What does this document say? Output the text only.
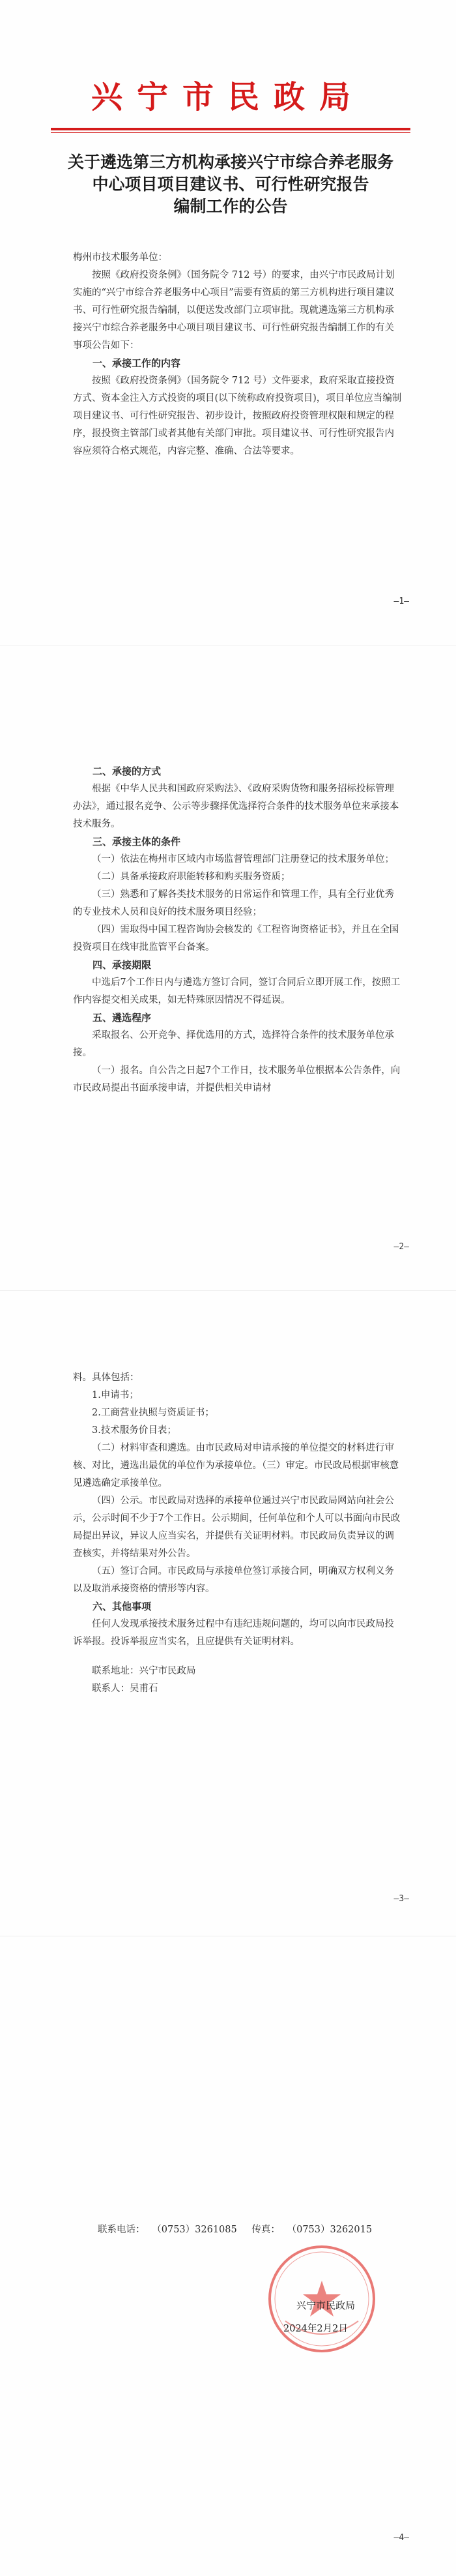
兴宁市民政局
关于遴选第三方机构承接兴宁市综合养老服务
中心项目项目建议书、可行性研究报告
编制工作的公告

梅州市技术服务单位：

按照《政府投资条例》（国务院令 712 号）的要求，由兴宁市民政局计划实施的“兴宁市综合养老服务中心项目”需要有资质的第三方机构进行项目建议书、可行性研究报告编制，以便送发改部门立项审批。现就遴选第三方机构承接兴宁市综合养老服务中心项目项目建议书、可行性研究报告编制工作的有关事项公告如下：

一、承接工作的内容

按照《政府投资条例》（国务院令 712 号）文件要求，政府采取直接投资方式、资本金注入方式投资的项目(以下统称政府投资项目)，项目单位应当编制项目建议书、可行性研究报告、初步设计，按照政府投资管理权限和规定的程序，报投资主管部门或者其他有关部门审批。项目建议书、可行性研究报告内容应须符合格式规范，内容完整、准确、合法等要求。

—1—

二、承接的方式

根据《中华人民共和国政府采购法》、《政府采购货物和服务招标投标管理办法》，通过报名竞争、公示等步骤择优选择符合条件的技术服务单位来承接本技术服务。

三、承接主体的条件

（一）依法在梅州市区域内市场监督管理部门注册登记的技术服务单位；

（二）具备承接政府职能转移和购买服务资质；

（三）熟悉和了解各类技术服务的日常运作和管理工作，具有全行业优秀的专业技术人员和良好的技术服务项目经验；

（四）需取得中国工程咨询协会核发的《工程咨询资格证书》，并且在全国投资项目在线审批监管平台备案。

四、承接期限

中选后7个工作日内与遴选方签订合同，签订合同后立即开展工作，按照工作内容提交相关成果，如无特殊原因情况不得延误。

五、遴选程序

采取报名、公开竞争、择优选用的方式，选择符合条件的技术服务单位承接。

（一）报名。自公告之日起7个工作日，技术服务单位根据本公告条件，向市民政局提出书面承接申请，并提供相关申请材

—2—

料。具体包括：

1.申请书；

2.工商营业执照与资质证书；

3.技术服务价目表；

（二）材料审查和遴选。由市民政局对申请承接的单位提交的材料进行审核、对比，遴选出最优的单位作为承接单位。（三）审定。市民政局根据审核意见遴选确定承接单位。

（四）公示。市民政局对选择的承接单位通过兴宁市民政局网站向社会公示，公示时间不少于7个工作日。公示期间，任何单位和个人可以书面向市民政局提出异议，异议人应当实名，并提供有关证明材料。市民政局负责异议的调查核实，并将结果对外公告。

（五）签订合同。市民政局与承接单位签订承接合同，明确双方权利义务以及取消承接资格的情形等内容。

六、其他事项

任何人发现承接技术服务过程中有违纪违规问题的，均可以向市民政局投诉举报。投诉举报应当实名，且应提供有关证明材料。

联系地址：兴宁市民政局

联系人：吴甫石

—3—
联系电话： （0753）3261085 传真： （0753）3262015
兴宁市民政局
2024年2月2日
—4—
